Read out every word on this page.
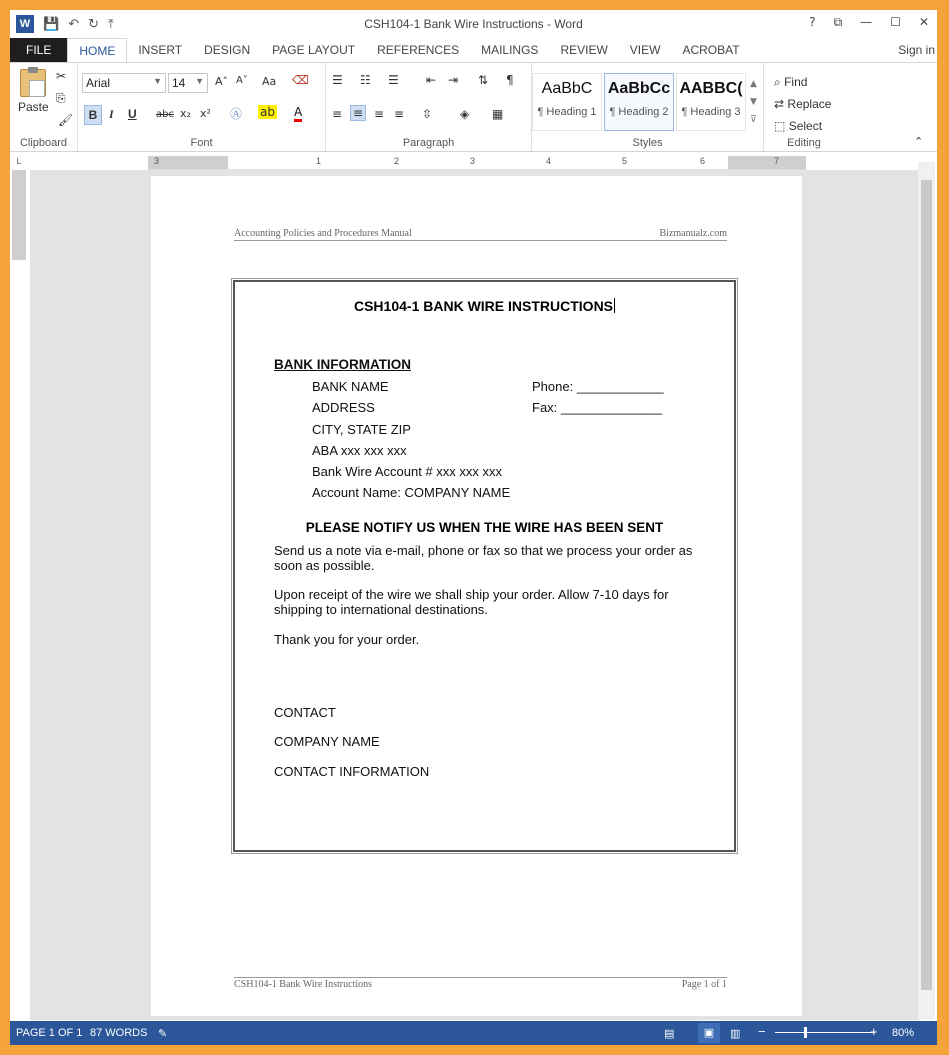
W 💾 ↶ ↻ ⤒	CSH104-1 Bank Wire Instructions - Word	? ⧉ — ☐ ✕
FILE	HOME	INSERT	DESIGN	PAGE LAYOUT	REFERENCES	MAILINGS	REVIEW	VIEW	ACROBAT	Sign in
Paste
✂
⎘
🖌
Clipboard
Arial	▼ 14 ▼ A˄ A˅ Aa ⌫
B I U abc x₂ x² Ⓐ ab A
Font
☰ ☷ ☰ ⇤ ⇥ ⇅ ¶
≡ ≡ ≡ ≡ ⇳ ◈ ▦
Paragraph
AaBbC
¶ Heading 1
AaBbCc
¶ Heading 2
AABBC(
¶ Heading 3
▲
▼
⊽
Styles
⌕ Find
⇄ Replace
⬚ Select
Editing	⌃
L	3	1	2	3	4	5	6	7
Accounting Policies and Procedures Manual	Bizmanualz.com
CSH104-1 BANK WIRE INSTRUCTIONS
BANK INFORMATION
BANK NAME
ADDRESS
CITY, STATE ZIP
ABA xxx xxx xxx
Bank Wire Account # xxx xxx xxx
Account Name: COMPANY NAME
Phone: ____________
Fax: ______________
PLEASE NOTIFY US WHEN THE WIRE HAS BEEN SENT
Send us a note via e-mail, phone or fax so that we process your order as soon as possible.
Upon receipt of the wire we shall ship your order. Allow 7-10 days for shipping to international destinations.
Thank you for your order.
CONTACT
COMPANY NAME
CONTACT INFORMATION
CSH104-1 Bank Wire Instructions	Page 1 of 1
PAGE 1 OF 1 87 WORDS ✎	▤	▣	▥ −	+ 80%
